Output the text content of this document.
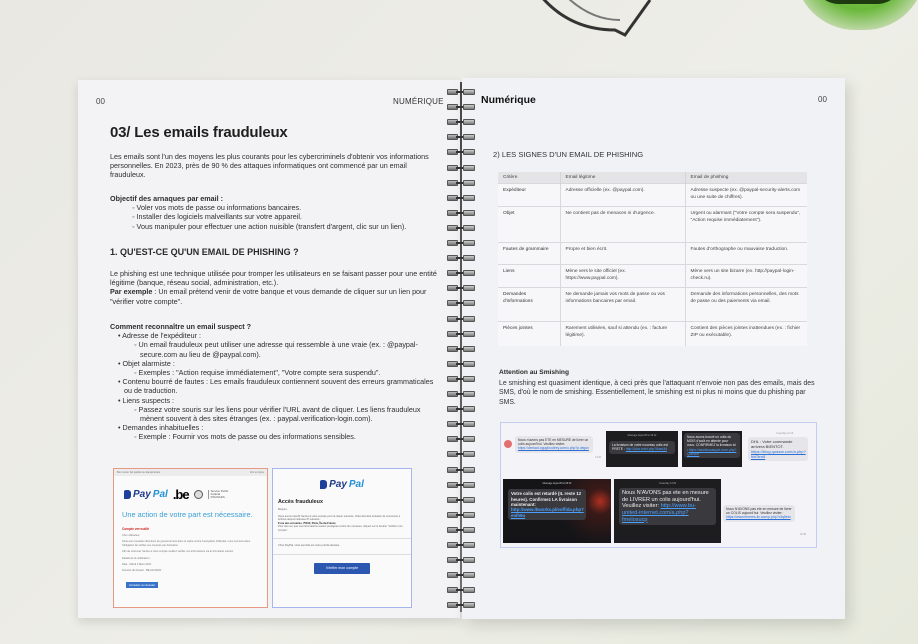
00	NUMÉRIQUE
03/ Les emails frauduleux
Les emails sont l'un des moyens les plus courants pour les cybercriminels d'obtenir vos informations personnelles. En 2023, près de 90 % des attaques informatiques ont commencé par un email frauduleux.
Objectif des arnaques par email :
◦ Voler vos mots de passe ou informations bancaires.
◦ Installer des logiciels malveillants sur votre appareil.
◦ Vous manipuler pour effectuer une action nuisible (transfert d'argent, clic sur un lien).
1. QU'EST-CE QU'UN EMAIL DE PHISHING ?
Le phishing est une technique utilisée pour tromper les utilisateurs en se faisant passer pour une entité légitime (banque, réseau social, administration, etc.).
Par exemple : Un email prétend venir de votre banque et vous demande de cliquer sur un lien pour "vérifier votre compte".
Comment reconnaître un email suspect ?
• Adresse de l'expéditeur :
◦ Un email frauduleux peut utiliser une adresse qui ressemble à une vraie (ex. : @paypal-secure.com au lieu de @paypal.com).
• Objet alarmiste :
◦ Exemples : "Action requise immédiatement", "Votre compte sera suspendu".
• Contenu bourré de fautes : Les emails frauduleux contiennent souvent des erreurs grammaticales ou de traduction.
• Liens suspects :
◦ Passez votre souris sur les liens pour vérifier l'URL avant de cliquer. Les liens frauduleux mènent souvent à des sites étranges (ex. : paypal.verification-login.com).
• Demandes inhabituelles :
◦ Exemple : Fournir vos mots de passe ou des informations sensibles.
Bon retour fait pardonne daraprontais	Voir en ligne
Pay Pal .be	Service Public
Fédéral
FINANCES
Une action de votre part est nécessaire.
Compte verrouillé
Cher utilisateur,
Suite aux nouvelles directives du gouvernement dans le cadre contre l'usurpation d'identité, nous sommes dans l'obligation de vérifier vos comptes par Activation.
Afin de retrouver l'accès à votre compte veuillez vérifier vos informations via le formulaire suivant
Détails de la notification :
Date : Mardi 2 Mars 2021
Numéro de dossier : BE-03-94321
Accédez au dossier
Pay Pal
Accès frauduleux
Bonjour,
Nous avons interdit l'accès à votre compte pour la raison suivante. Votre dernière tentative de connexion a échoué depuis l'adresse IP suivante :
8 rue des corsaires, 75100, Paris, Île-de-France
Pour être sur que vos informations restent protégées contre les menaces, cliquez sur le bouton "Vérifier mon compte"
Chez PayPal, votre sécurité est notre priorité absolue.
Vérifier mon compte
Numérique	00
2) LES SIGNES D'UN EMAIL DE PHISHING
Critère	Email légitime	Email de phishing
Expéditeur	Adresse officielle (ex. @paypal.com).	Adresse suspecte (ex. @paypal-security-alerts.com ou une suite de chiffres).
Objet	Ne contient pas de menaces ni d'urgence.	Urgent ou alarmant ("Votre compte sera suspendu", "Action requise immédiatement").
Fautes de grammaire	Propre et bien écrit.	Fautes d'orthographe ou mauvaise traduction.
Liens	Mène vers le site officiel (ex. https://www.paypal.com).	Mène vers un site bizarre (ex. http://paypal-login-check.ru).
Demandes d'informations	Ne demande jamais vos mots de passe ou vos informations bancaires par email.	Demande des informations personnelles, des mots de passe ou des paiements via email.
Pièces jointes	Rarement utilisées, sauf si attendu (ex. : facture légitime).	Contient des pièces jointes inattendues (ex. : fichier ZIP ou exécutable).
Attention au Smishing
Le smishing est quasiment identique, à ceci près que l'attaquant n'envoie non pas des emails, mais des SMS, d'où le nom de smishing. Essentiellement, le smishing est ni plus ni moins que du phishing par SMS.
Nous n'avons pas ETE en MESURE de livrer un colis aujourd'hui. Veuillez visiter: https://dertood.agugfoodtrey.com/o.php?p.degox
14:32
Message Aujourd'hui 16:12
La livraison de votre nouveau colis est PRETE : http://blos.mxio.php?8aex3d
Nous avons trouvé un colis du MOIS d'août en attente pour vous. CONFIRMEZ la livraison ici : https://asortbuoaupat.rcom.php?Q2bueH
Yesterday 12:16
DHL : Votre commande arrivera BIENTOT. https://blog.quasar.com/a.php?hkf3en8
Message Aujourd'hui 08:20
Votre colis est retardé (IL reste 12 heures). Confirmez LA livraison maintenant: http://www.lbworks.pl/eoffida.php?eolh9u
Yesterday 13:20
Nous N'AVONS pas ete en mesure de LIVRER un colis aujourd'hui. Veuillez visiter: http://www.bu-united-internet.com/a.php?fmelosucp
Nous N'AVONS pas ete en mesure de livrer un COLIS aujourd'hui. Veuillez visiter: https://www.hermes-llc.com/p.php?c3q8eto
22:48
